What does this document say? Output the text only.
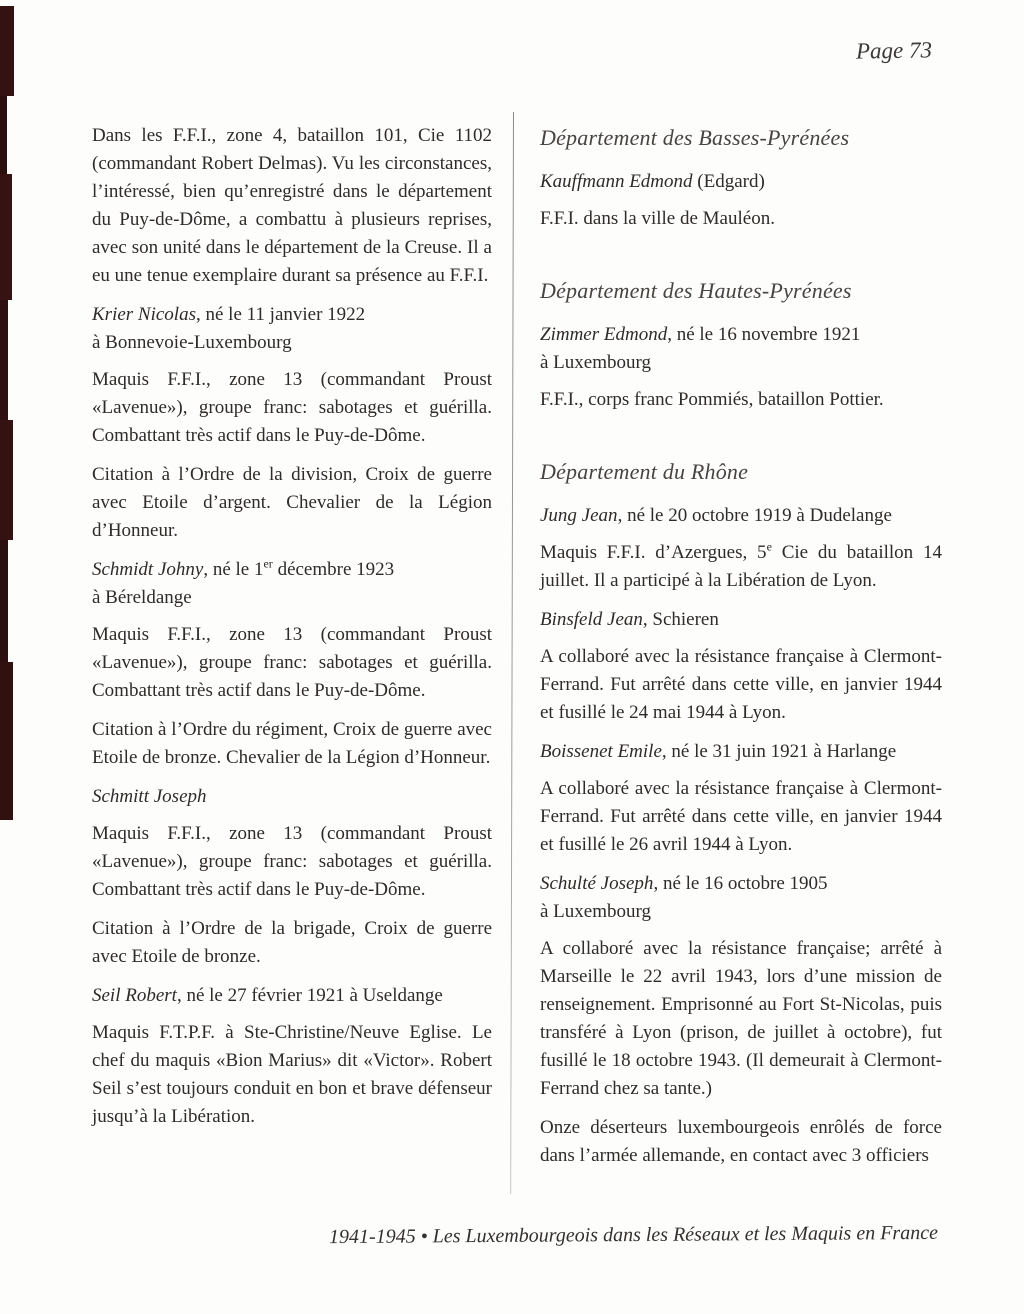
Page 73

Dans les F.F.I., zone 4, bataillon 101, Cie 1102 (commandant Robert Delmas). Vu les circonstances, l’intéressé, bien qu’enregistré dans le département du Puy-de-Dôme, a combattu à plusieurs reprises, avec son unité dans le département de la Creuse. Il a eu une tenue exemplaire durant sa présence au F.F.I.

Krier Nicolas, né le 11 janvier 1922
à Bonnevoie-Luxembourg

Maquis F.F.I., zone 13 (commandant Proust «Lavenue»), groupe franc: sabotages et guérilla. Combattant très actif dans le Puy-de-Dôme.

Citation à l’Ordre de la division, Croix de guerre avec Etoile d’argent. Chevalier de la Légion d’Honneur.

Schmidt Johny, né le 1er décembre 1923
à Béreldange

Maquis F.F.I., zone 13 (commandant Proust «Lavenue»), groupe franc: sabotages et guérilla. Combattant très actif dans le Puy-de-Dôme.

Citation à l’Ordre du régiment, Croix de guerre avec Etoile de bronze. Chevalier de la Légion d’Honneur.

Schmitt Joseph

Maquis F.F.I., zone 13 (commandant Proust «Lavenue»), groupe franc: sabotages et guérilla. Combattant très actif dans le Puy-de-Dôme.

Citation à l’Ordre de la brigade, Croix de guerre avec Etoile de bronze.

Seil Robert, né le 27 février 1921 à Useldange

Maquis F.T.P.F. à Ste-Christine/Neuve Eglise. Le chef du maquis «Bion Marius» dit «Victor». Robert Seil s’est toujours conduit en bon et brave défenseur jusqu’à la Libération.

Département des Basses-Pyrénées

Kauffmann Edmond (Edgard)

F.F.I. dans la ville de Mauléon.

Département des Hautes-Pyrénées

Zimmer Edmond, né le 16 novembre 1921
à Luxembourg

F.F.I., corps franc Pommiés, bataillon Pottier.

Département du Rhône

Jung Jean, né le 20 octobre 1919 à Dudelange

Maquis F.F.I. d’Azergues, 5e Cie du bataillon 14 juillet. Il a participé à la Libération de Lyon.

Binsfeld Jean, Schieren

A collaboré avec la résistance française à Clermont-Ferrand. Fut arrêté dans cette ville, en janvier 1944 et fusillé le 24 mai 1944 à Lyon.

Boissenet Emile, né le 31 juin 1921 à Harlange

A collaboré avec la résistance française à Clermont-Ferrand. Fut arrêté dans cette ville, en janvier 1944 et fusillé le 26 avril 1944 à Lyon.

Schulté Joseph, né le 16 octobre 1905
à Luxembourg

A collaboré avec la résistance française; arrêté à Marseille le 22 avril 1943, lors d’une mission de renseignement. Emprisonné au Fort St-Nicolas, puis transféré à Lyon (prison, de juillet à octobre), fut fusillé le 18 octobre 1943. (Il demeurait à Clermont-Ferrand chez sa tante.)

Onze déserteurs luxembourgeois enrôlés de force dans l’armée allemande, en contact avec 3 officiers

1941-1945 • Les Luxembourgeois dans les Réseaux et les Maquis en France
